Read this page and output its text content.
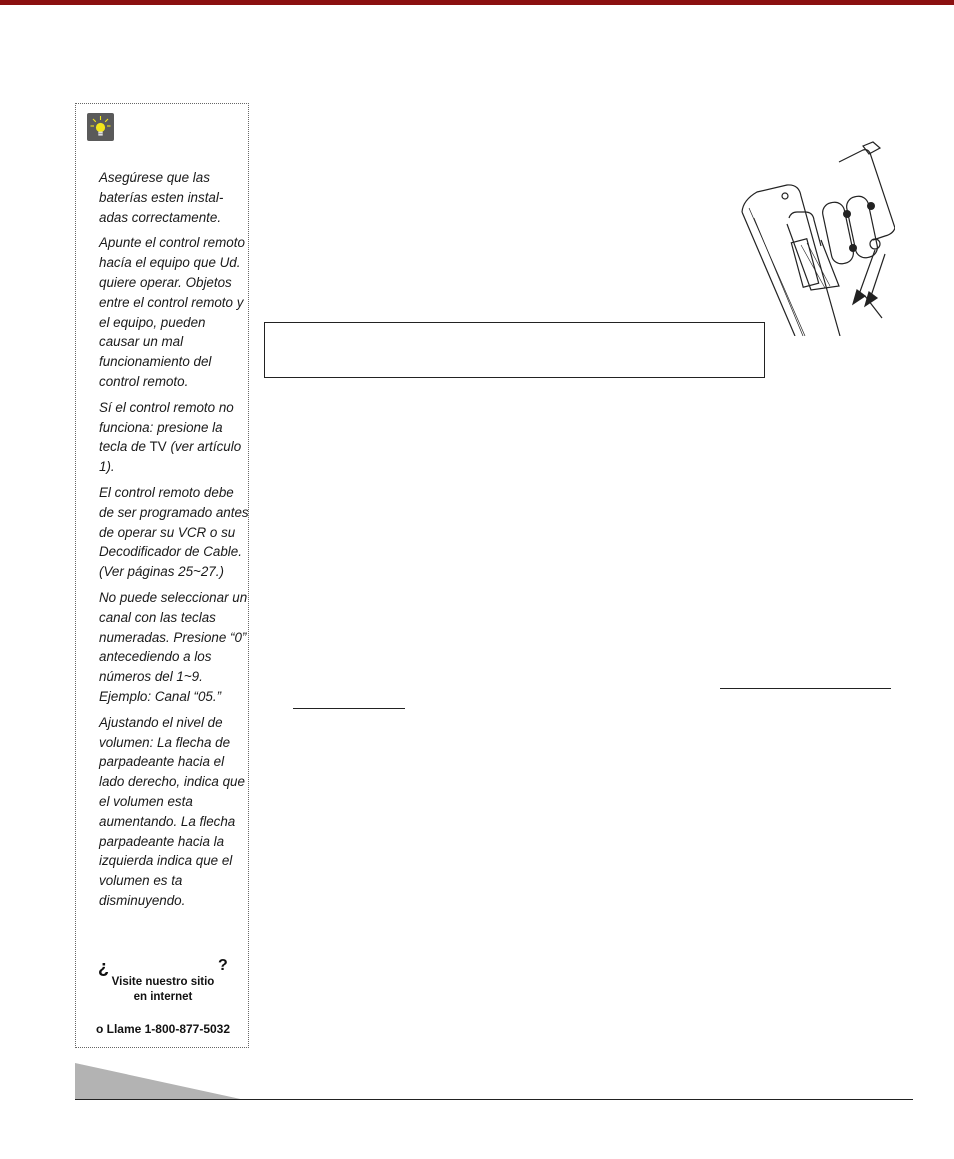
Asegúrese que las baterías esten instal-adas correctamente.

Apunte el control remoto hacía el equipo que Ud. quiere operar. Objetos entre el control remoto y el equipo, pueden causar un mal funcionamiento del control remoto.

Sí el control remoto no funciona: presione la tecla de TV (ver artículo 1).

El control remoto debe de ser programado antes de operar su VCR o su Decodificador de Cable. (Ver páginas 25~27.)

No puede seleccionar un canal con las teclas numeradas. Presione “0” antecediendo a los números del 1~9. Ejemplo: Canal “05.”

Ajustando el nivel de volumen: La flecha de parpadeante hacia el lado derecho, indica que el volumen esta aumentando. La flecha parpadeante hacia la izquierda indica que el volumen es ta disminuyendo.

¿	?
Visite nuestro sitio
en internet
o Llame 1-800-877-5032
